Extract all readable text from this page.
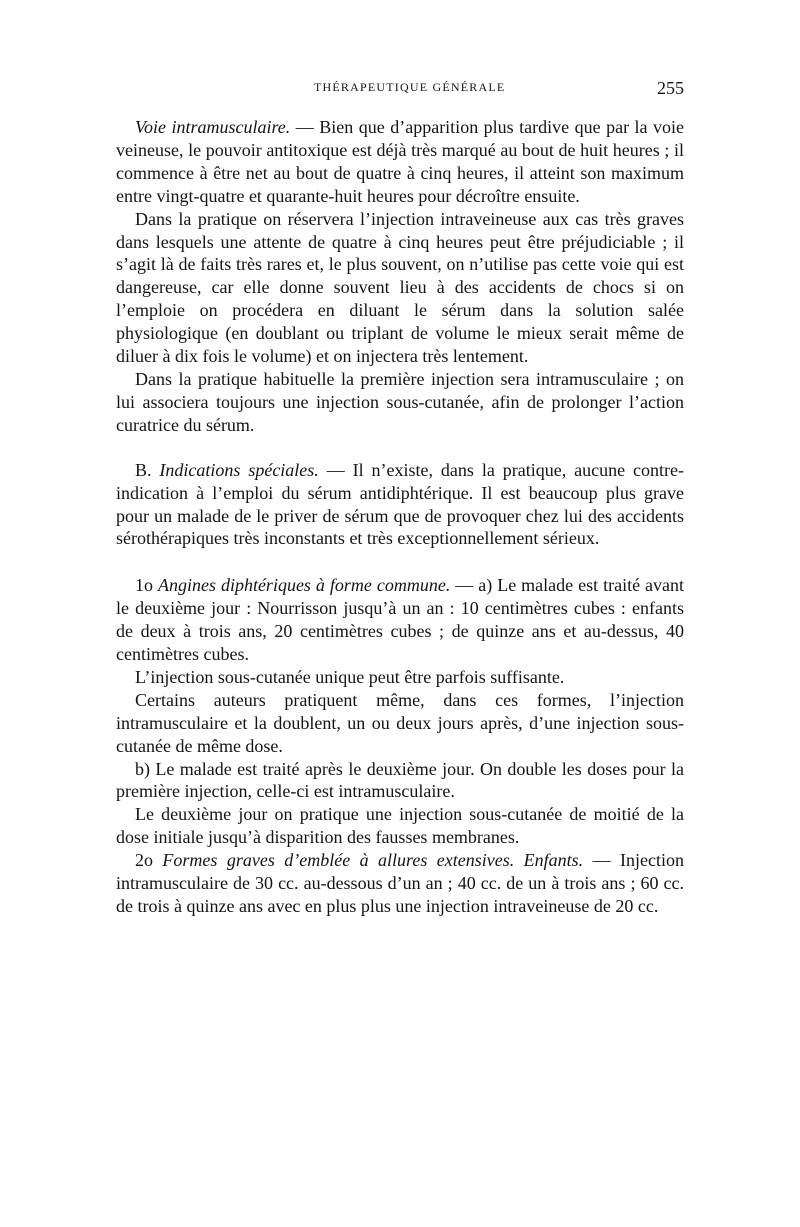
THÉRAPEUTIQUE GÉNÉRALE	255

Voie intramusculaire. — Bien que d’apparition plus tardive que par la voie veineuse, le pouvoir antitoxique est déjà très marqué au bout de huit heures ; il commence à être net au bout de quatre à cinq heures, il atteint son maximum entre vingt-quatre et quarante-huit heures pour décroître ensuite.

Dans la pratique on réservera l’injection intraveineuse aux cas très graves dans lesquels une attente de quatre à cinq heures peut être préjudiciable ; il s’agit là de faits très rares et, le plus souvent, on n’utilise pas cette voie qui est dangereuse, car elle donne souvent lieu à des accidents de chocs si on l’emploie on procédera en diluant le sérum dans la solution salée physiologique (en doublant ou triplant de volume le mieux serait même de diluer à dix fois le volume) et on injectera très lentement.

Dans la pratique habituelle la première injection sera intramusculaire ; on lui associera toujours une injection sous-cutanée, afin de prolonger l’action curatrice du sérum.

B. Indications spéciales. — Il n’existe, dans la pratique, aucune contre-indication à l’emploi du sérum antidiphtérique. Il est beaucoup plus grave pour un malade de le priver de sérum que de provoquer chez lui des accidents sérothérapiques très inconstants et très exceptionnellement sérieux.

1o Angines diphtériques à forme commune. — a) Le malade est traité avant le deuxième jour : Nourrisson jusqu’à un an : 10 centimètres cubes : enfants de deux à trois ans, 20 centimètres cubes ; de quinze ans et au-dessus, 40 centimètres cubes.

L’injection sous-cutanée unique peut être parfois suffisante.

Certains auteurs pratiquent même, dans ces formes, l’injection intramusculaire et la doublent, un ou deux jours après, d’une injection sous-cutanée de même dose.

b) Le malade est traité après le deuxième jour. On double les doses pour la première injection, celle-ci est intramusculaire.

Le deuxième jour on pratique une injection sous-cutanée de moitié de la dose initiale jusqu’à disparition des fausses membranes.

2o Formes graves d’emblée à allures extensives. Enfants. — Injection intramusculaire de 30 cc. au-dessous d’un an ; 40 cc. de un à trois ans ; 60 cc. de trois à quinze ans avec en plus plus une injection intraveineuse de 20 cc.
